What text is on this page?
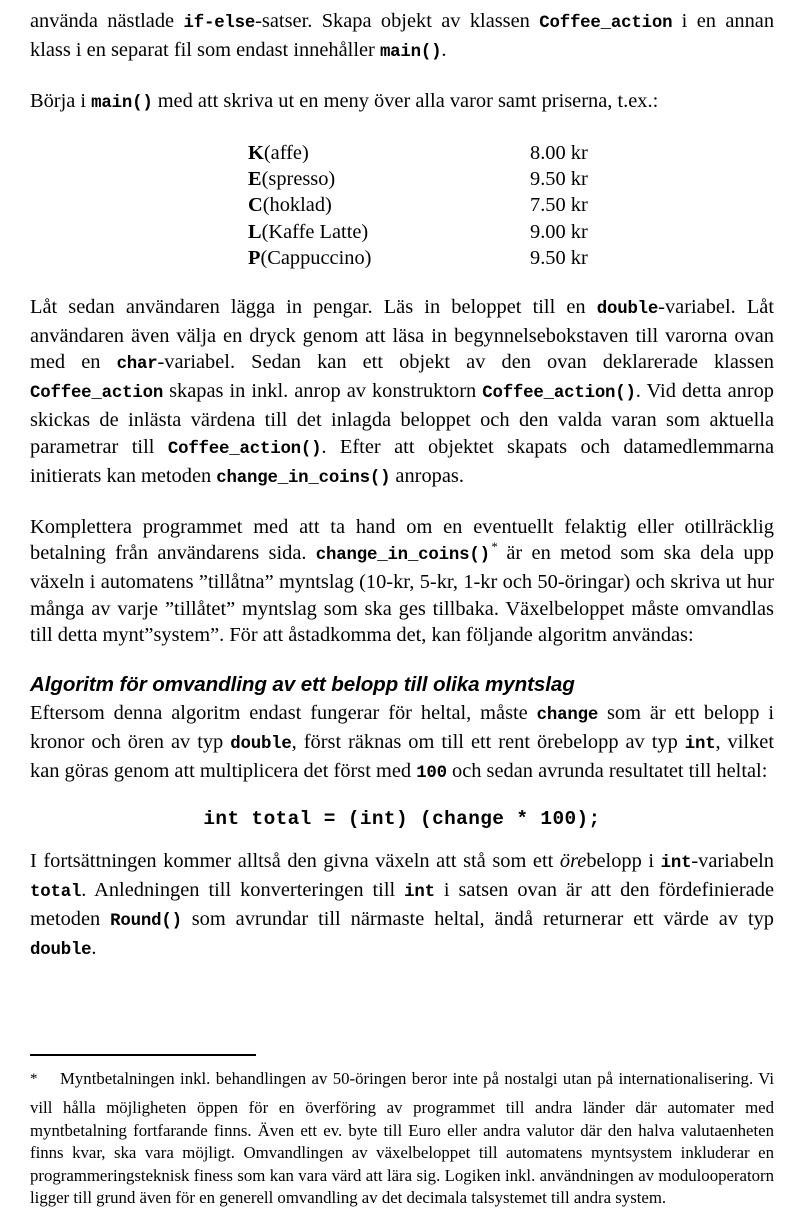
använda nästlade if-else-satser. Skapa objekt av klassen Coffee_action i en annan klass i en separat fil som endast innehåller main().

Börja i main() med att skriva ut en meny över alla varor samt priserna, t.ex.:

K(affe)	8.00 kr
E(spresso)	9.50 kr
C(hoklad)	7.50 kr
L(Kaffe Latte)	9.00 kr
P(Cappuccino)	9.50 kr

Låt sedan användaren lägga in pengar. Läs in beloppet till en double-variabel. Låt användaren även välja en dryck genom att läsa in begynnelsebokstaven till varorna ovan med en char-variabel. Sedan kan ett objekt av den ovan deklarerade klassen Coffee_action skapas in inkl. anrop av konstruktorn Coffee_action(). Vid detta anrop skickas de inlästa värdena till det inlagda beloppet och den valda varan som aktuella parametrar till Coffee_action(). Efter att objektet skapats och datamedlemmarna initierats kan metoden change_in_coins() anropas.

Komplettera programmet med att ta hand om en eventuellt felaktig eller otillräcklig betalning från användarens sida. change_in_coins()* är en metod som ska dela upp växeln i automatens ”tillåtna” myntslag (10-kr, 5-kr, 1-kr och 50-öringar) och skriva ut hur många av varje ”tillåtet” myntslag som ska ges tillbaka. Växelbeloppet måste omvandlas till detta mynt”system”. För att åstadkomma det, kan följande algoritm användas:

Algoritm för omvandling av ett belopp till olika myntslag

Eftersom denna algoritm endast fungerar för heltal, måste change som är ett belopp i kronor och ören av typ double, först räknas om till ett rent örebelopp av typ int, vilket kan göras genom att multiplicera det först med 100 och sedan avrunda resultatet till heltal:

int total = (int) (change * 100);

I fortsättningen kommer alltså den givna växeln att stå som ett örebelopp i int-variabeln total. Anledningen till konverteringen till int i satsen ovan är att den fördefinierade metoden Round() som avrundar till närmaste heltal, ändå returnerar ett värde av typ double.

* Myntbetalningen inkl. behandlingen av 50-öringen beror inte på nostalgi utan på internationalisering. Vi vill hålla möjligheten öppen för en överföring av programmet till andra länder där automater med myntbetalning fortfarande finns. Även ett ev. byte till Euro eller andra valutor där den halva valutaenheten finns kvar, ska vara möjligt. Omvandlingen av växelbeloppet till automatens myntsystem inkluderar en programmeringsteknisk finess som kan vara värd att lära sig. Logiken inkl. användningen av modulooperatorn ligger till grund även för en generell omvandling av det decimala talsystemet till andra system.
